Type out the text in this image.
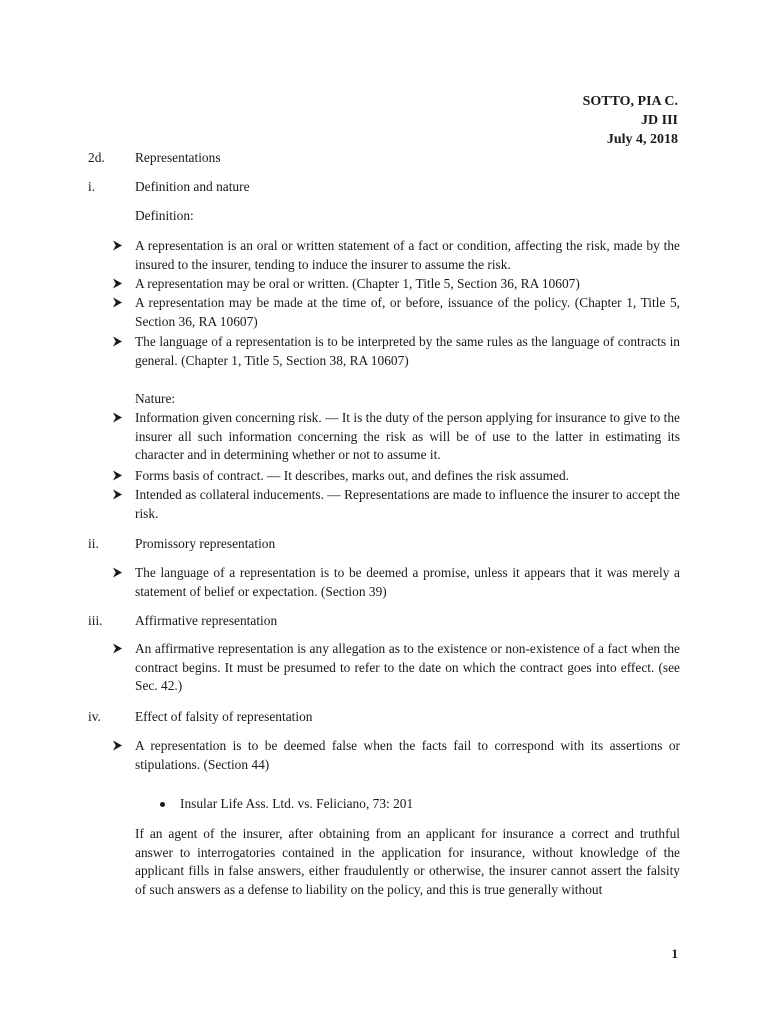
SOTTO, PIA C.
JD III
July 4, 2018
2d. Representations
i.	Definition and nature
Definition:
A representation is an oral or written statement of a fact or condition, affecting the risk, made by the insured to the insurer, tending to induce the insurer to assume the risk.
A representation may be oral or written. (Chapter 1, Title 5, Section 36, RA 10607)
A representation may be made at the time of, or before, issuance of the policy. (Chapter 1, Title 5, Section 36, RA 10607)
The language of a representation is to be interpreted by the same rules as the language of contracts in general. (Chapter 1, Title 5, Section 38, RA 10607)
Nature:
Information given concerning risk. — It is the duty of the person applying for insurance to give to the insurer all such information concerning the risk as will be of use to the latter in estimating its character and in determining whether or not to assume it.
Forms basis of contract. — It describes, marks out, and defines the risk assumed.
Intended as collateral inducements. — Representations are made to influence the insurer to accept the risk.
ii.	Promissory representation
The language of a representation is to be deemed a promise, unless it appears that it was merely a statement of belief or expectation. (Section 39)
iii. Affirmative representation
An affirmative representation is any allegation as to the existence or non-existence of a fact when the contract begins. It must be presumed to refer to the date on which the contract goes into effect. (see Sec. 42.)
iv.	Effect of falsity of representation
A representation is to be deemed false when the facts fail to correspond with its assertions or stipulations. (Section 44)
Insular Life Ass. Ltd. vs. Feliciano, 73: 201
If an agent of the insurer, after obtaining from an applicant for insurance a correct and truthful answer to interrogatories contained in the application for insurance, without knowledge of the applicant fills in false answers, either fraudulently or otherwise, the insurer cannot assert the falsity of such answers as a defense to liability on the policy, and this is true generally without
1
